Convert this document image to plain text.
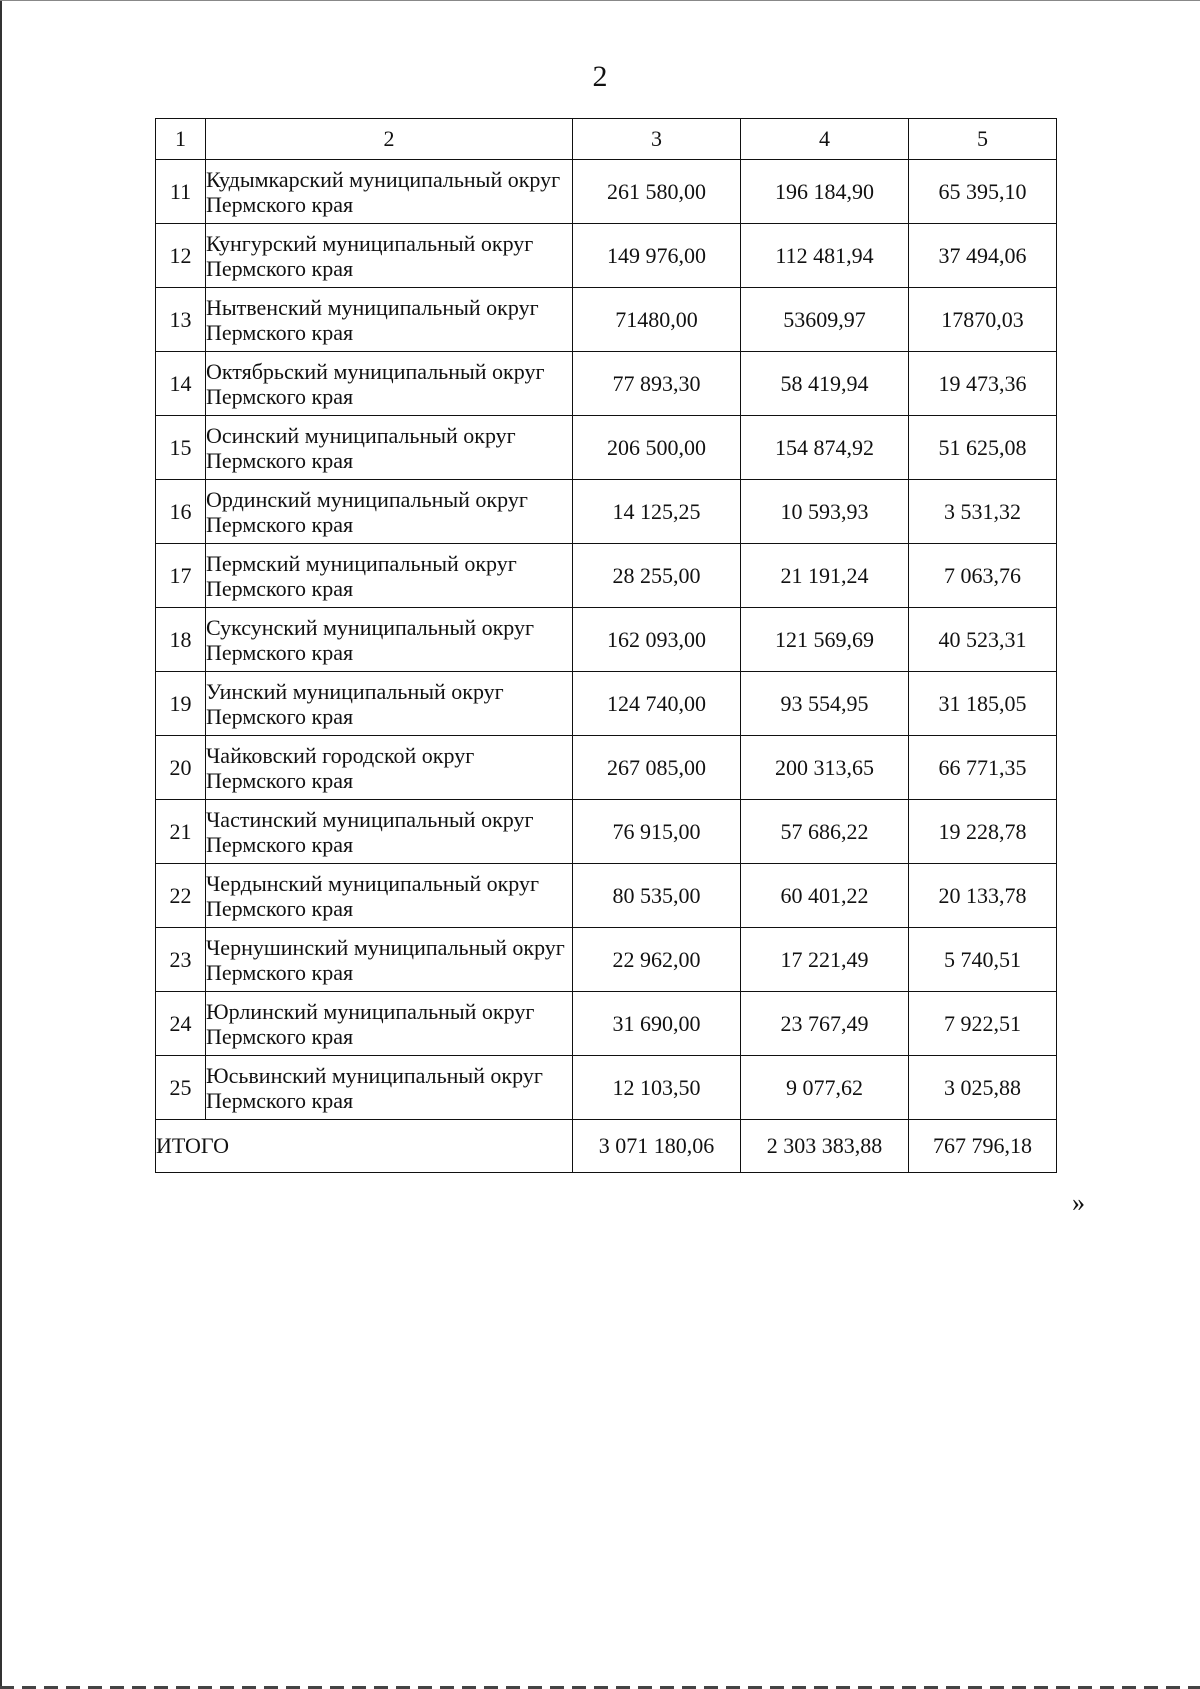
2
1	2	3	4	5
11	Кудымкарский муниципальный округ Пермского края	261 580,00	196 184,90	65 395,10
12	Кунгурский муниципальный округ Пермского края	149 976,00	112 481,94	37 494,06
13	Нытвенский муниципальный округ Пермского края	71480,00	53609,97	17870,03
14	Октябрьский муниципальный округ Пермского края	77 893,30	58 419,94	19 473,36
15	Осинский муниципальный округ Пермского края	206 500,00	154 874,92	51 625,08
16	Ординский муниципальный округ Пермского края	14 125,25	10 593,93	3 531,32
17	Пермский муниципальный округ Пермского края	28 255,00	21 191,24	7 063,76
18	Суксунский муниципальный округ Пермского края	162 093,00	121 569,69	40 523,31
19	Уинский муниципальный округ Пермского края	124 740,00	93 554,95	31 185,05
20	Чайковский городской округ Пермского края	267 085,00	200 313,65	66 771,35
21	Частинский муниципальный округ Пермского края	76 915,00	57 686,22	19 228,78
22	Чердынский муниципальный округ Пермского края	80 535,00	60 401,22	20 133,78
23	Чернушинский муниципальный округ Пермского края	22 962,00	17 221,49	5 740,51
24	Юрлинский муниципальный округ Пермского края	31 690,00	23 767,49	7 922,51
25	Юсьвинский муниципальный округ Пермского края	12 103,50	9 077,62	3 025,88
ИТОГО		3 071 180,06	2 303 383,88	767 796,18
»
